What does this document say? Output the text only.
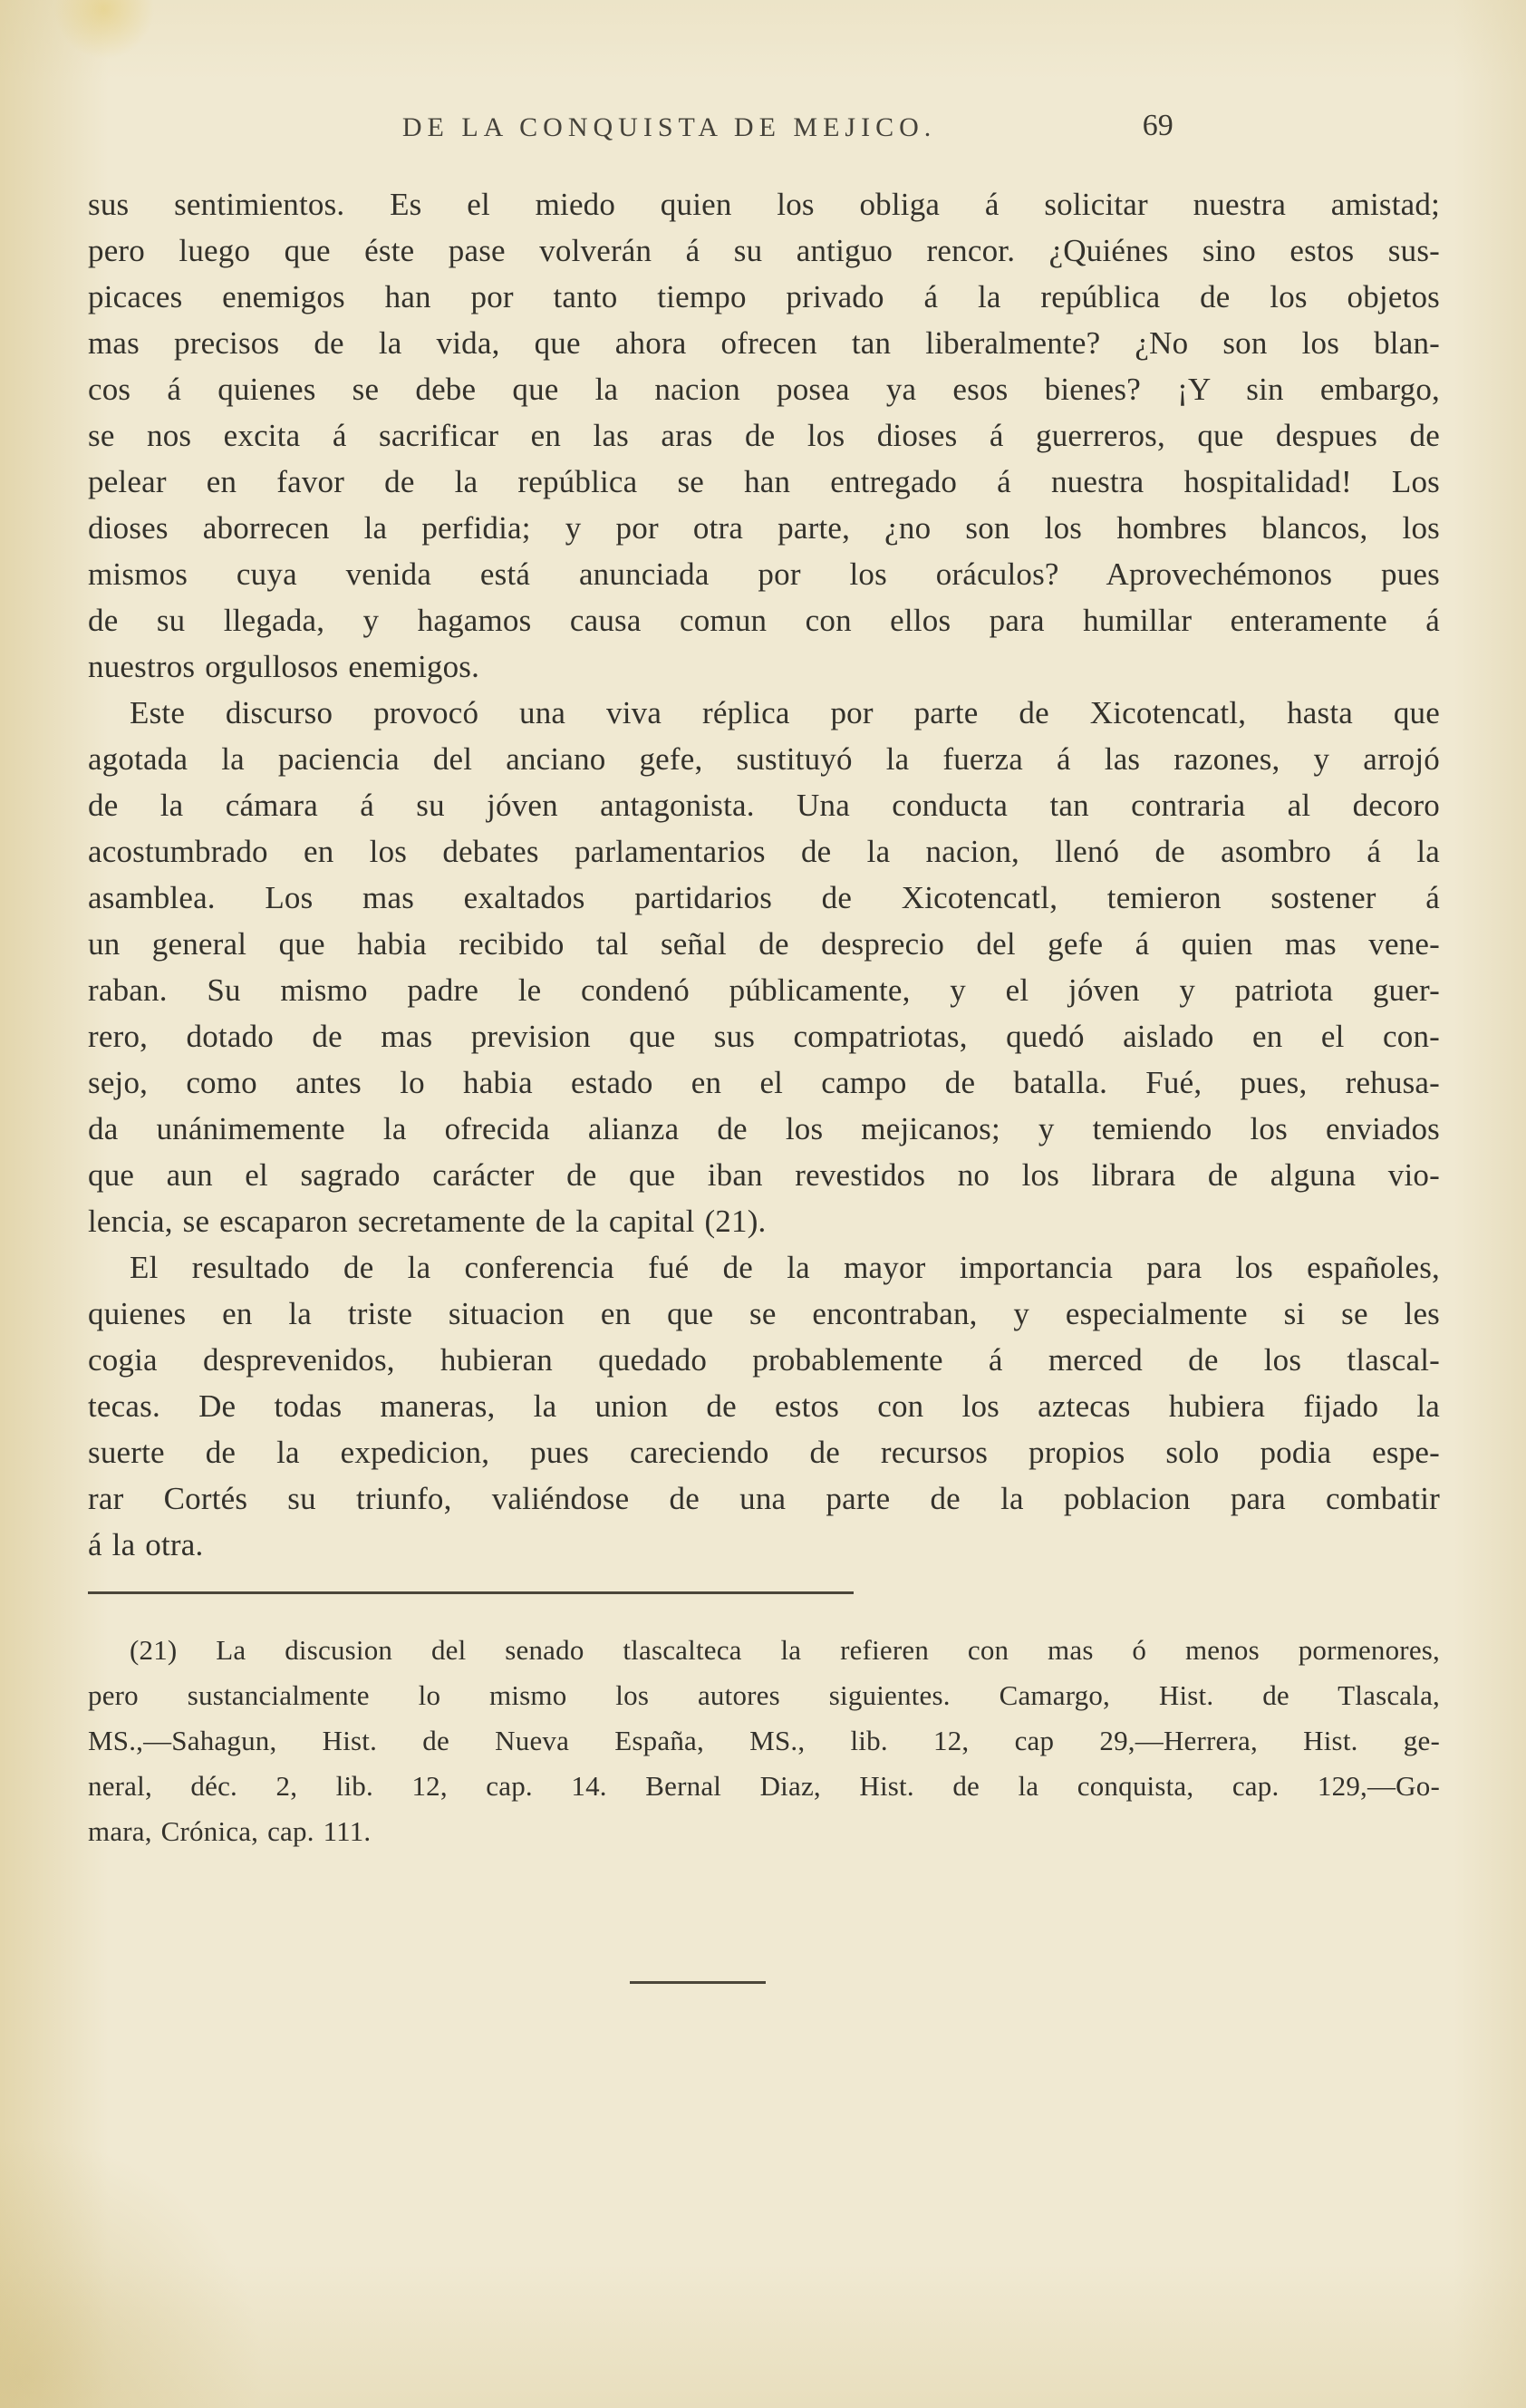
DE LA CONQUISTA DE MEJICO.	69
sus sentimientos. Es el miedo quien los obliga á solicitar nuestra amistad;
pero luego que éste pase volverán á su antiguo rencor. ¿Quiénes sino estos sus-
picaces enemigos han por tanto tiempo privado á la república de los objetos
mas precisos de la vida, que ahora ofrecen tan liberalmente? ¿No son los blan-
cos á quienes se debe que la nacion posea ya esos bienes? ¡Y sin embargo,
se nos excita á sacrificar en las aras de los dioses á guerreros, que despues de
pelear en favor de la república se han entregado á nuestra hospitalidad! Los
dioses aborrecen la perfidia; y por otra parte, ¿no son los hombres blancos, los
mismos cuya venida está anunciada por los oráculos? Aprovechémonos pues
de su llegada, y hagamos causa comun con ellos para humillar enteramente á
nuestros orgullosos enemigos.
Este discurso provocó una viva réplica por parte de Xicotencatl, hasta que
agotada la paciencia del anciano gefe, sustituyó la fuerza á las razones, y arrojó
de la cámara á su jóven antagonista. Una conducta tan contraria al decoro
acostumbrado en los debates parlamentarios de la nacion, llenó de asombro á la
asamblea. Los mas exaltados partidarios de Xicotencatl, temieron sostener á
un general que habia recibido tal señal de desprecio del gefe á quien mas vene-
raban. Su mismo padre le condenó públicamente, y el jóven y patriota guer-
rero, dotado de mas prevision que sus compatriotas, quedó aislado en el con-
sejo, como antes lo habia estado en el campo de batalla. Fué, pues, rehusa-
da unánimemente la ofrecida alianza de los mejicanos; y temiendo los enviados
que aun el sagrado carácter de que iban revestidos no los librara de alguna vio-
lencia, se escaparon secretamente de la capital (21).
El resultado de la conferencia fué de la mayor importancia para los españoles,
quienes en la triste situacion en que se encontraban, y especialmente si se les
cogia desprevenidos, hubieran quedado probablemente á merced de los tlascal-
tecas. De todas maneras, la union de estos con los aztecas hubiera fijado la
suerte de la expedicion, pues careciendo de recursos propios solo podia espe-
rar Cortés su triunfo, valiéndose de una parte de la poblacion para combatir
á la otra.
(21) La discusion del senado tlascalteca la refieren con mas ó menos pormenores,
pero sustancialmente lo mismo los autores siguientes. Camargo, Hist. de Tlascala,
MS.,—Sahagun, Hist. de Nueva España, MS., lib. 12, cap 29,—Herrera, Hist. ge-
neral, déc. 2, lib. 12, cap. 14. Bernal Diaz, Hist. de la conquista, cap. 129,—Go-
mara, Crónica, cap. 111.
